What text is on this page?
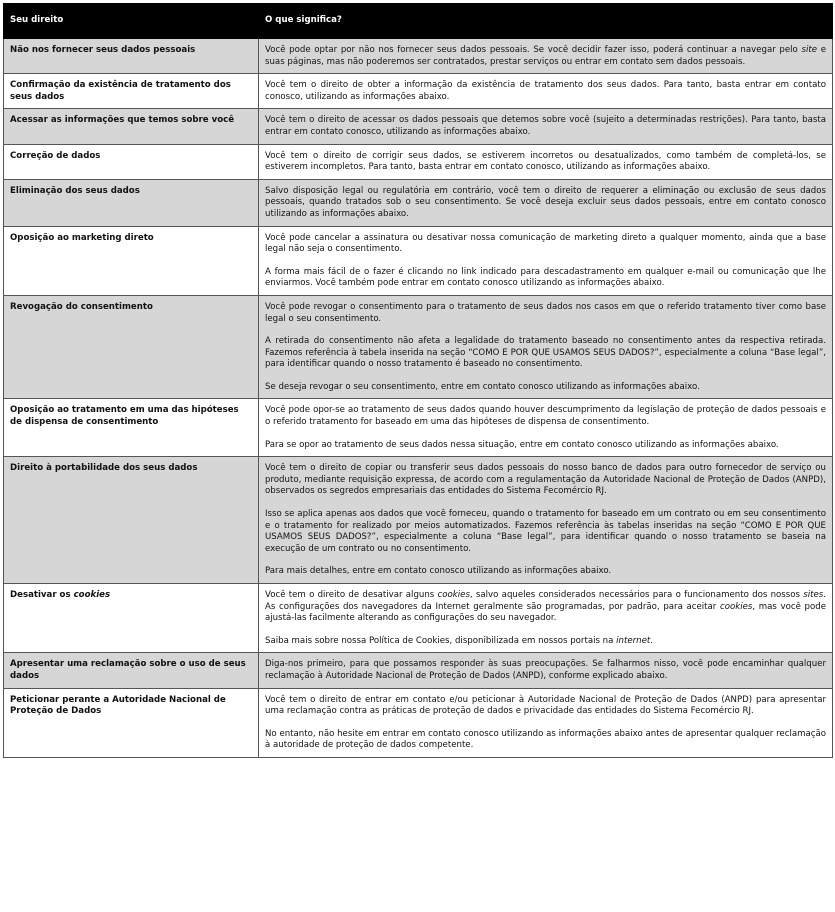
Seu direito	O que significa?
Não nos fornecer seus dados pessoais	Você pode optar por não nos fornecer seus dados pessoais. Se você decidir fazer isso, poderá continuar a navegar pelo site e suas páginas, mas não poderemos ser contratados, prestar serviços ou entrar em contato sem dados pessoais.

Confirmação da existência de tratamento dos seus dados	Você tem o direito de obter a informação da existência de tratamento dos seus dados. Para tanto, basta entrar em contato conosco, utilizando as informações abaixo.

Acessar as informações que temos sobre você	Você tem o direito de acessar os dados pessoais que detemos sobre você (sujeito a determinadas restrições). Para tanto, basta entrar em contato conosco, utilizando as informações abaixo.

Correção de dados	Você tem o direito de corrigir seus dados, se estiverem incorretos ou desatualizados, como também de completá-los, se estiverem incompletos. Para tanto, basta entrar em contato conosco, utilizando as informações abaixo.

Eliminação dos seus dados	Salvo disposição legal ou regulatória em contrário, você tem o direito de requerer a eliminação ou exclusão de seus dados pessoais, quando tratados sob o seu consentimento. Se você deseja excluir seus dados pessoais, entre em contato conosco utilizando as informações abaixo.

Oposição ao marketing direto	Você pode cancelar a assinatura ou desativar nossa comunicação de marketing direto a qualquer momento, ainda que a base legal não seja o consentimento.

A forma mais fácil de o fazer é clicando no link indicado para descadastramento em qualquer e-mail ou comunicação que lhe enviarmos. Você também pode entrar em contato conosco utilizando as informações abaixo.

Revogação do consentimento	Você pode revogar o consentimento para o tratamento de seus dados nos casos em que o referido tratamento tiver como base legal o seu consentimento.

A retirada do consentimento não afeta a legalidade do tratamento baseado no consentimento antes da respectiva retirada. Fazemos referência à tabela inserida na seção “COMO E POR QUE USAMOS SEUS DADOS?”, especialmente a coluna “Base legal”, para identificar quando o nosso tratamento é baseado no consentimento.

Se deseja revogar o seu consentimento, entre em contato conosco utilizando as informações abaixo.

Oposição ao tratamento em uma das hipóteses de dispensa de consentimento	Você pode opor-se ao tratamento de seus dados quando houver descumprimento da legislação de proteção de dados pessoais e o referido tratamento for baseado em uma das hipóteses de dispensa de consentimento.

Para se opor ao tratamento de seus dados nessa situação, entre em contato conosco utilizando as informações abaixo.

Direito à portabilidade dos seus dados	Você tem o direito de copiar ou transferir seus dados pessoais do nosso banco de dados para outro fornecedor de serviço ou produto, mediante requisição expressa, de acordo com a regulamentação da Autoridade Nacional de Proteção de Dados (ANPD), observados os segredos empresariais das entidades do Sistema Fecomércio RJ.

Isso se aplica apenas aos dados que você forneceu, quando o tratamento for baseado em um contrato ou em seu consentimento e o tratamento for realizado por meios automatizados. Fazemos referência às tabelas inseridas na seção “COMO E POR QUE USAMOS SEUS DADOS?”, especialmente a coluna “Base legal”, para identificar quando o nosso tratamento se baseia na execução de um contrato ou no consentimento.

Para mais detalhes, entre em contato conosco utilizando as informações abaixo.

Desativar os cookies	Você tem o direito de desativar alguns cookies, salvo aqueles considerados necessários para o funcionamento dos nossos sites. As configurações dos navegadores da Internet geralmente são programadas, por padrão, para aceitar cookies, mas você pode ajustá-las facilmente alterando as configurações do seu navegador.

Saiba mais sobre nossa Política de Cookies, disponibilizada em nossos portais na internet.

Apresentar uma reclamação sobre o uso de seus dados	Diga-nos primeiro, para que possamos responder às suas preocupações. Se falharmos nisso, você pode encaminhar qualquer reclamação à Autoridade Nacional de Proteção de Dados (ANPD), conforme explicado abaixo.

Peticionar perante a Autoridade Nacional de Proteção de Dados	Você tem o direito de entrar em contato e/ou peticionar à Autoridade Nacional de Proteção de Dados (ANPD) para apresentar uma reclamação contra as práticas de proteção de dados e privacidade das entidades do Sistema Fecomércio RJ.

No entanto, não hesite em entrar em contato conosco utilizando as informações abaixo antes de apresentar qualquer reclamação à autoridade de proteção de dados competente.
